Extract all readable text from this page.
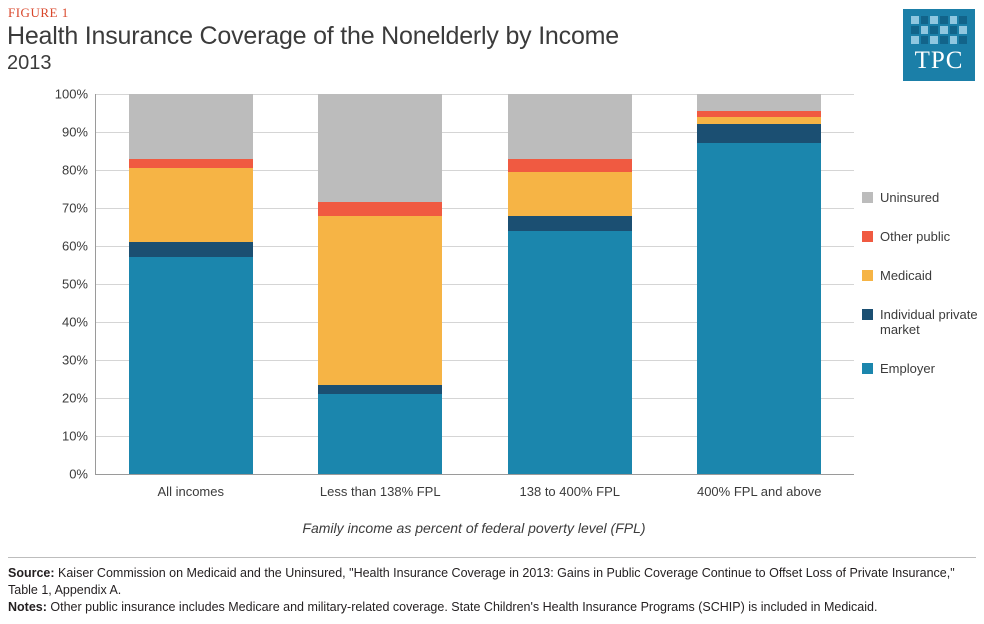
FIGURE 1
Health Insurance Coverage of the Nonelderly by Income
2013	TPC
0%
10%
20%
30%
40%
50%
60%
70%
80%
90%
100%
All incomes	Less than 138% FPL	138 to 400% FPL	400% FPL and above
Family income as percent of federal poverty level (FPL)
Uninsured
Other public
Medicaid
Individual private market
Employer
Source: Kaiser Commission on Medicaid and the Uninsured, "Health Insurance Coverage in 2013: Gains in Public Coverage Continue to Offset Loss of Private Insurance," Table 1, Appendix A.
Notes: Other public insurance includes Medicare and military-related coverage. State Children's Health Insurance Programs (SCHIP) is included in Medicaid.
